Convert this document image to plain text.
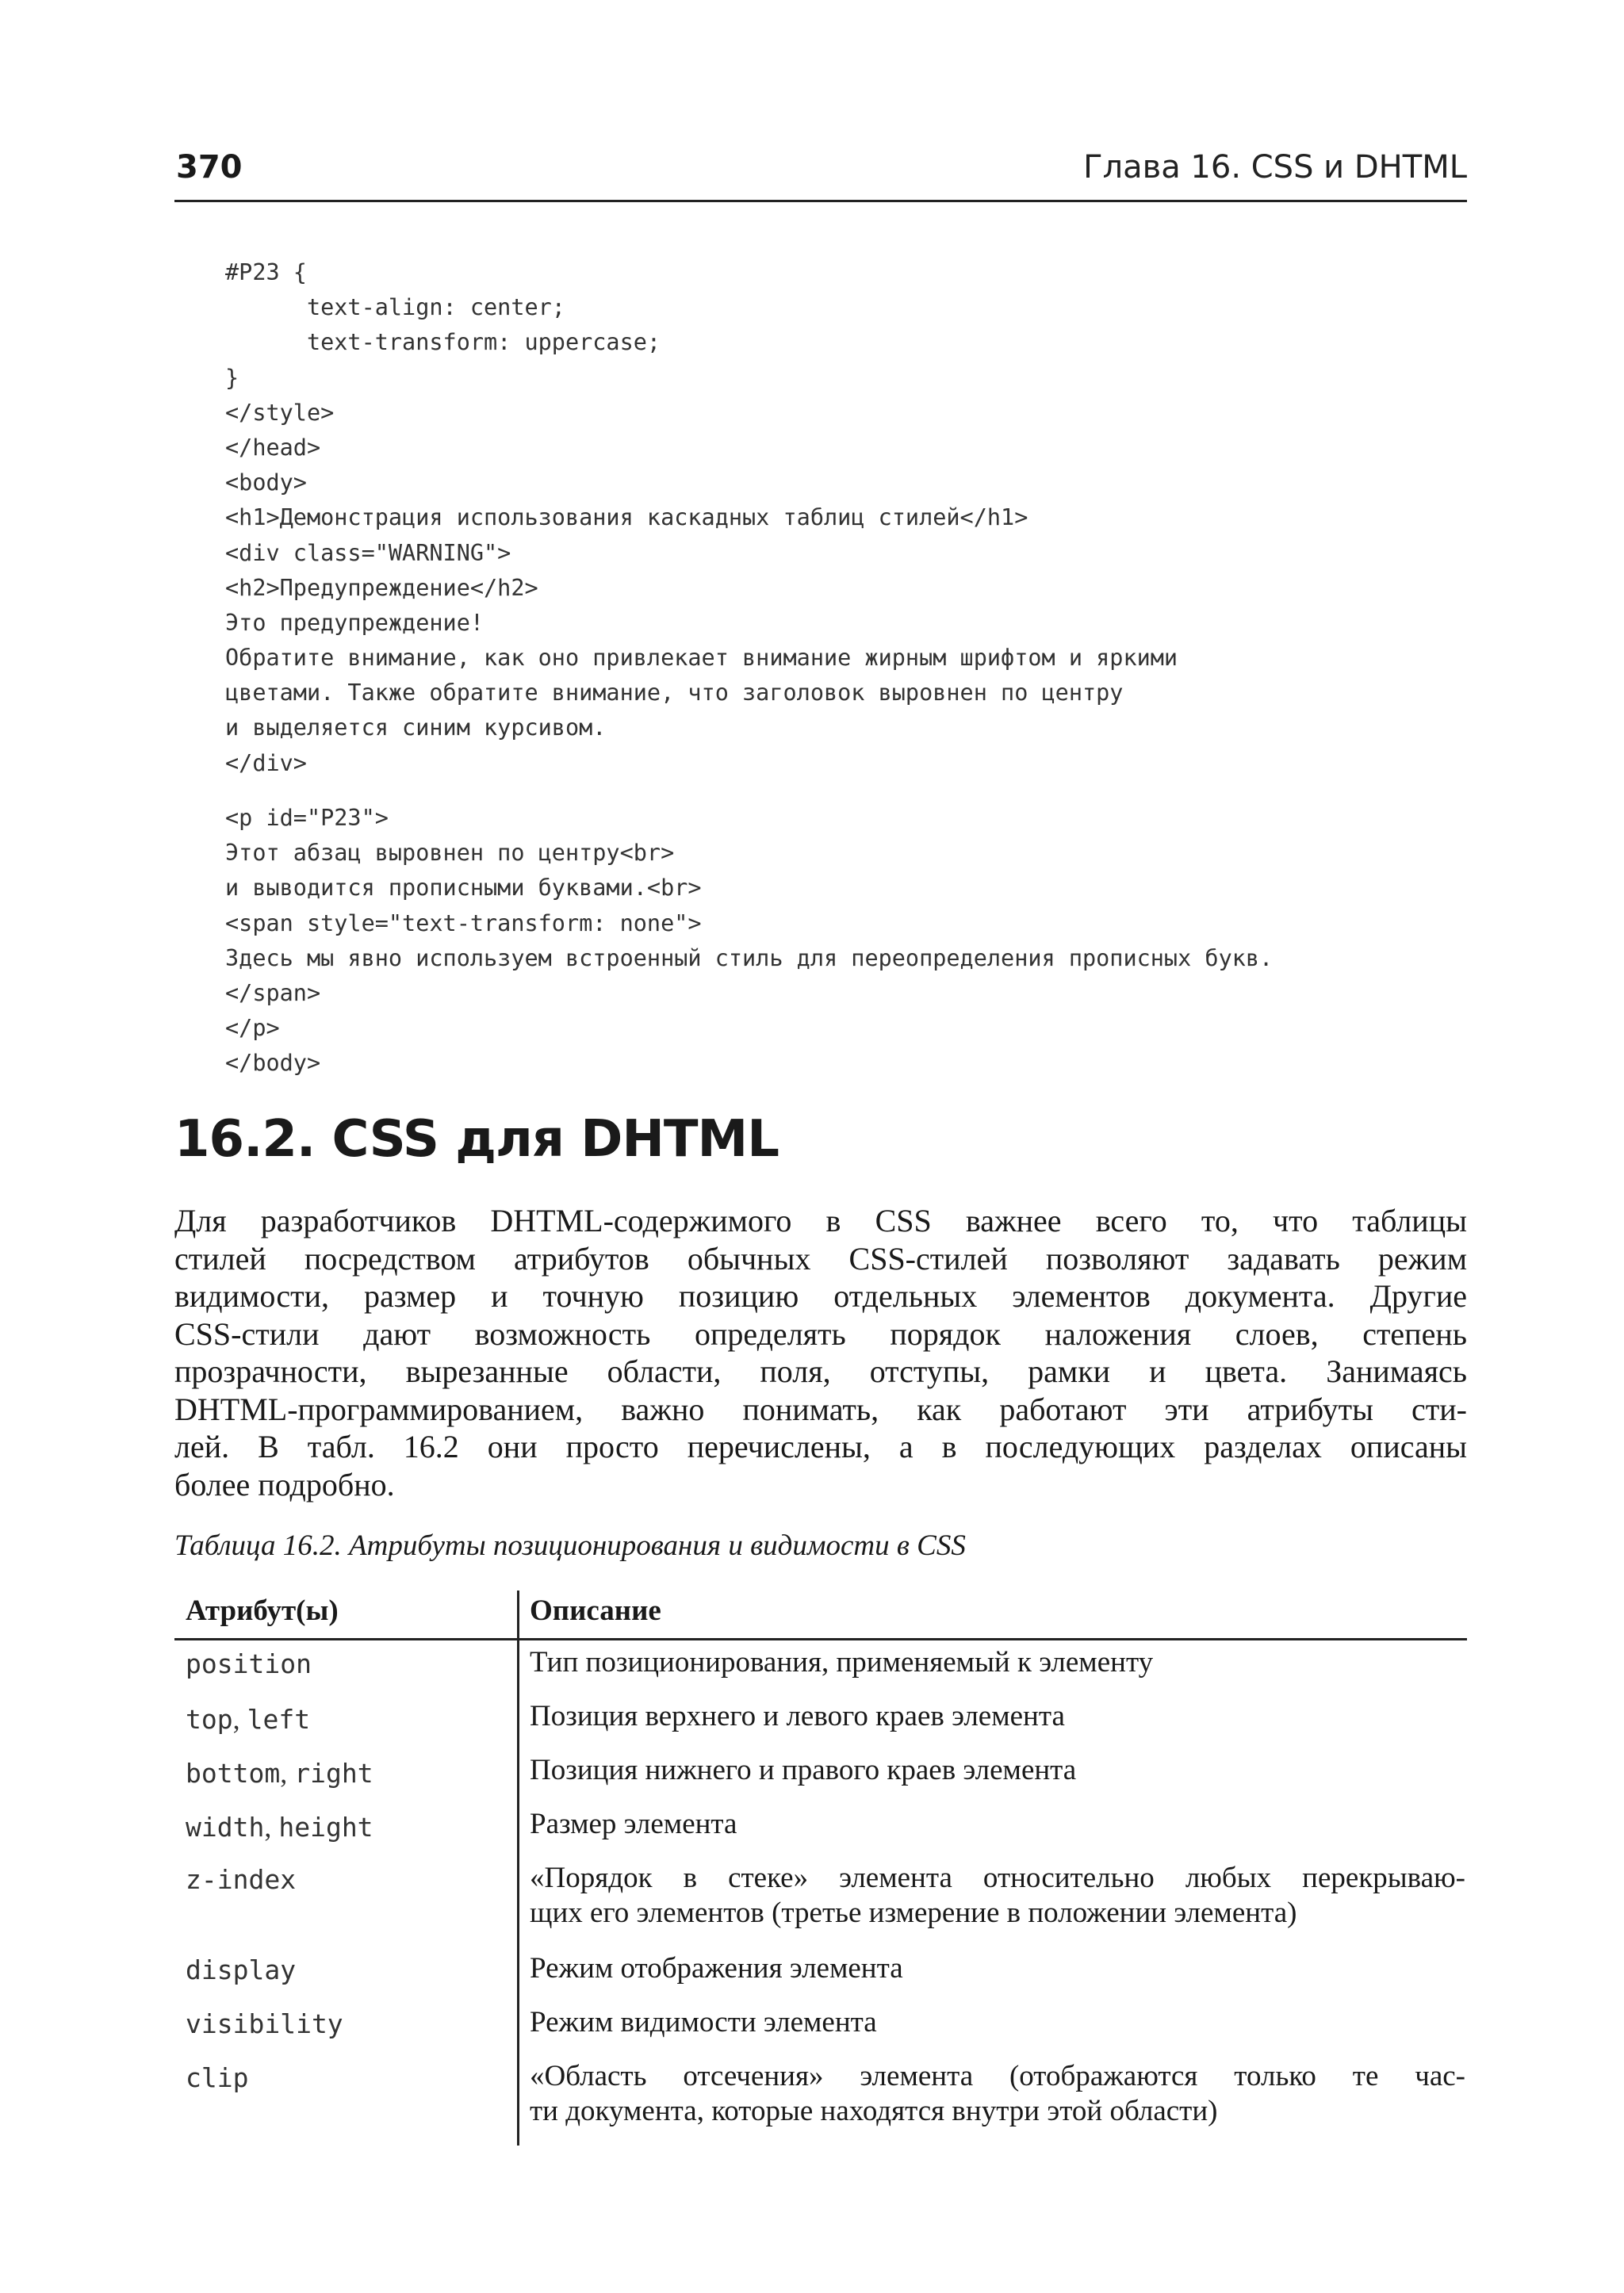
370	Глава 16. CSS и DHTML
#P23 {
text-align: center;
text-transform: uppercase;
}
</style>
</head>
<body>
<h1>Демонстрация использования каскадных таблиц стилей</h1>
<div class="WARNING">
<h2>Предупреждение</h2>
Это предупреждение!
Обратите внимание, как оно привлекает внимание жирным шрифтом и яркими
цветами. Также обратите внимание, что заголовок выровнен по центру
и выделяется синим курсивом.
</div>
<p id="P23">
Этот абзац выровнен по центру<br>
и выводится прописными буквами.<br>
<span style="text-transform: none">
Здесь мы явно используем встроенный стиль для переопределения прописных букв.
</span>
</p>
</body>
16.2. CSS для DHTML
Для разработчиков DHTML-содержимого в CSS важнее всего то, что таблицы
стилей посредством атрибутов обычных CSS-стилей позволяют задавать режим
видимости, размер и точную позицию отдельных элементов документа. Другие
CSS-стили дают возможность определять порядок наложения слоев, степень
прозрачности, вырезанные области, поля, отступы, рамки и цвета. Занимаясь
DHTML-программированием, важно понимать, как работают эти атрибуты сти-
лей. В табл. 16.2 они просто перечислены, а в последующих разделах описаны
более подробно.
Таблица 16.2. Атрибуты позиционирования и видимости в CSS
Атрибут(ы)	Описание
position	Тип позиционирования, применяемый к элементу
top, left	Позиция верхнего и левого краев элемента
bottom, right	Позиция нижнего и правого краев элемента
width, height	Размер элемента
z-index	«Порядок в стеке» элемента относительно любых перекрываю-
щих его элементов (третье измерение в положении элемента)
display	Режим отображения элемента
visibility	Режим видимости элемента
clip	«Область отсечения» элемента (отображаются только те час-
ти документа, которые находятся внутри этой области)
